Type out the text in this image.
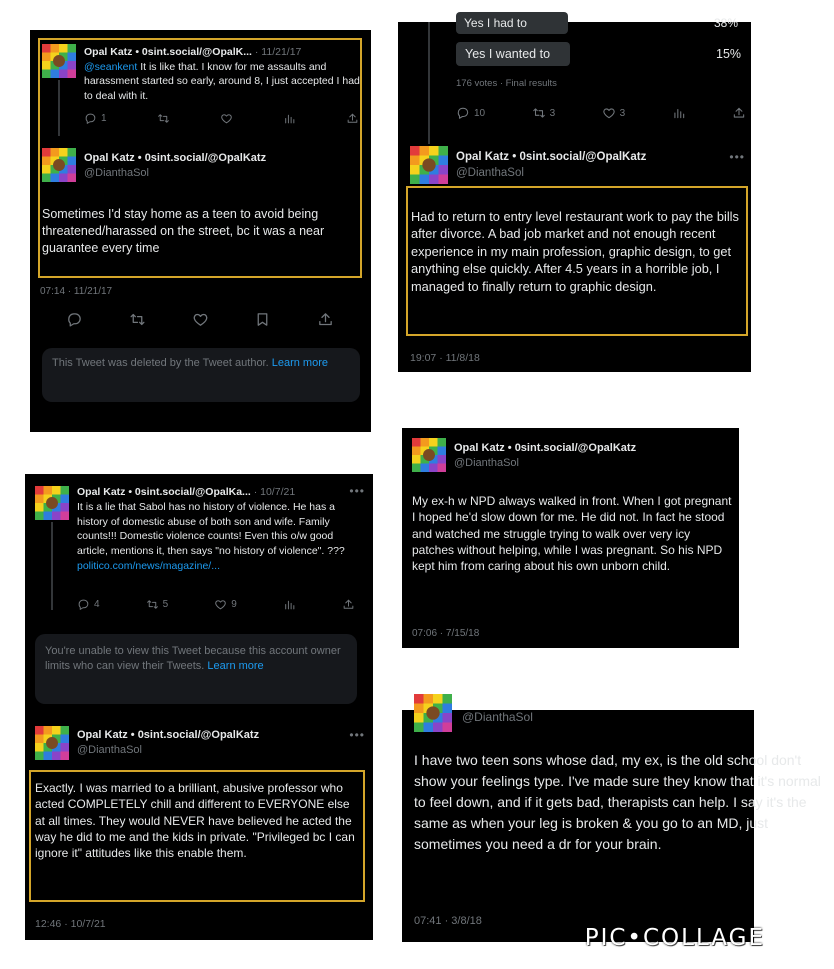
Opal Katz • 0sint.social/@OpalK... · 11/21/17
@seankent It is like that. I know for me assaults and harassment started so early, around 8, I just accepted I had to deal with it.
1
Opal Katz • 0sint.social/@OpalKatz
@DianthaSol
Sometimes I'd stay home as a teen to avoid being threatened/harassed on the street, bc it was a near guarantee every time
07:14 · 11/21/17
This Tweet was deleted by the Tweet author. Learn more
Yes I had to	38%
Yes I wanted to	15%
176 votes · Final results
10	3	3
Opal Katz • 0sint.social/@OpalKatz
@DianthaSol
•••
Had to return to entry level restaurant work to pay the bills after divorce. A bad job market and not enough recent experience in my main profession, graphic design, to get anything else quickly. After 4.5 years in a horrible job, I managed to finally return to graphic design.
19:07 · 11/8/18
Opal Katz • 0sint.social/@OpalKatz
@DianthaSol
My ex-h w NPD always walked in front. When I got pregnant I hoped he'd slow down for me. He did not. In fact he stood and watched me struggle trying to walk over very icy patches without helping, while I was pregnant. So his NPD kept him from caring about his own unborn child.
07:06 · 7/15/18
Opal Katz • 0sint.social/@OpalKa... · 10/7/21	•••
It is a lie that Sabol has no history of violence. He has a history of domestic abuse of both son and wife. Family counts!!! Domestic violence counts! Even this o/w good article, mentions it, then says "no history of violence". ???
politico.com/news/magazine/...
4	5	9
You're unable to view this Tweet because this account owner limits who can view their Tweets. Learn more
Opal Katz • 0sint.social/@OpalKatz
@DianthaSol
•••
Exactly. I was married to a brilliant, abusive professor who acted COMPLETELY chill and different to EVERYONE else at all times. They would NEVER have believed he acted the way he did to me and the kids in private. "Privileged bc I can ignore it" attitudes like this enable them.
12:46 · 10/7/21
@DianthaSol
I have two teen sons whose dad, my ex, is the old school don't show your feelings type. I've made sure they know that it's normal to feel down, and if it gets bad, therapists can help. I say it's the same as when your leg is broken & you go to an MD, just sometimes you need a dr for your brain.
07:41 · 3/8/18
PIC•COLLAGE
